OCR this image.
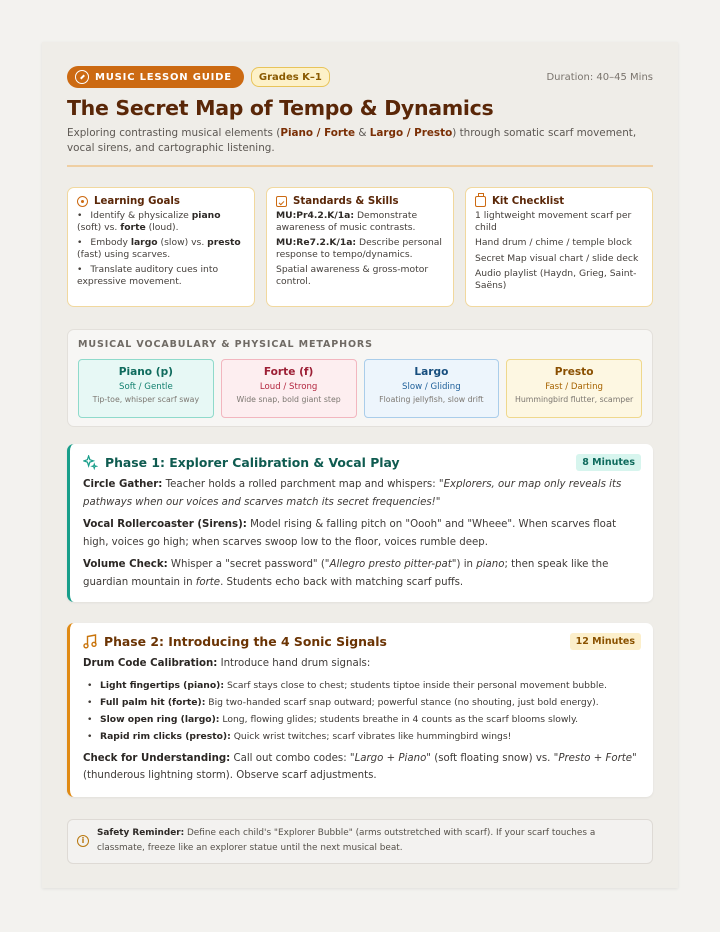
MUSIC LESSON GUIDE	Grades K–1	Duration: 40–45 Mins
The Secret Map of Tempo & Dynamics

Exploring contrasting musical elements (Piano / Forte & Largo / Presto) through somatic scarf movement, vocal sirens, and cartographic listening.

Learning Goals
• Identify & physicalize piano (soft) vs. forte (loud).
• Embody largo (slow) vs. presto (fast) using scarves.
• Translate auditory cues into expressive movement.
Standards & Skills
MU:Pr4.2.K/1a: Demonstrate awareness of music contrasts.
MU:Re7.2.K/1a: Describe personal response to tempo/dynamics.
Spatial awareness & gross-motor control.
Kit Checklist
1 lightweight movement scarf per child
Hand drum / chime / temple block
Secret Map visual chart / slide deck
Audio playlist (Haydn, Grieg, Saint-Saëns)
MUSICAL VOCABULARY & PHYSICAL METAPHORS
Piano (p)
Soft / Gentle
Tip-toe, whisper scarf sway
Forte (f)
Loud / Strong
Wide snap, bold giant step
Largo
Slow / Gliding
Floating jellyfish, slow drift
Presto
Fast / Darting
Hummingbird flutter, scamper
Phase 1: Explorer Calibration & Vocal Play	8 Minutes

Circle Gather: Teacher holds a rolled parchment map and whispers: "Explorers, our map only reveals its pathways when our voices and scarves match its secret frequencies!"

Vocal Rollercoaster (Sirens): Model rising & falling pitch on "Oooh" and "Wheee". When scarves float high, voices go high; when scarves swoop low to the floor, voices rumble deep.

Volume Check: Whisper a "secret password" ("Allegro presto pitter-pat") in piano; then speak like the guardian mountain in forte. Students echo back with matching scarf puffs.

Phase 2: Introducing the 4 Sonic Signals	12 Minutes

Drum Code Calibration: Introduce hand drum signals:

• Light fingertips (piano): Scarf stays close to chest; students tiptoe inside their personal movement bubble.
• Full palm hit (forte): Big two-handed scarf snap outward; powerful stance (no shouting, just bold energy).
• Slow open ring (largo): Long, flowing glides; students breathe in 4 counts as the scarf blooms slowly.
• Rapid rim clicks (presto): Quick wrist twitches; scarf vibrates like hummingbird wings!

Check for Understanding: Call out combo codes: "Largo + Piano" (soft floating snow) vs. "Presto + Forte" (thunderous lightning storm). Observe scarf adjustments.

i
Safety Reminder: Define each child's "Explorer Bubble" (arms outstretched with scarf). If your scarf touches a classmate, freeze like an explorer statue until the next musical beat.
